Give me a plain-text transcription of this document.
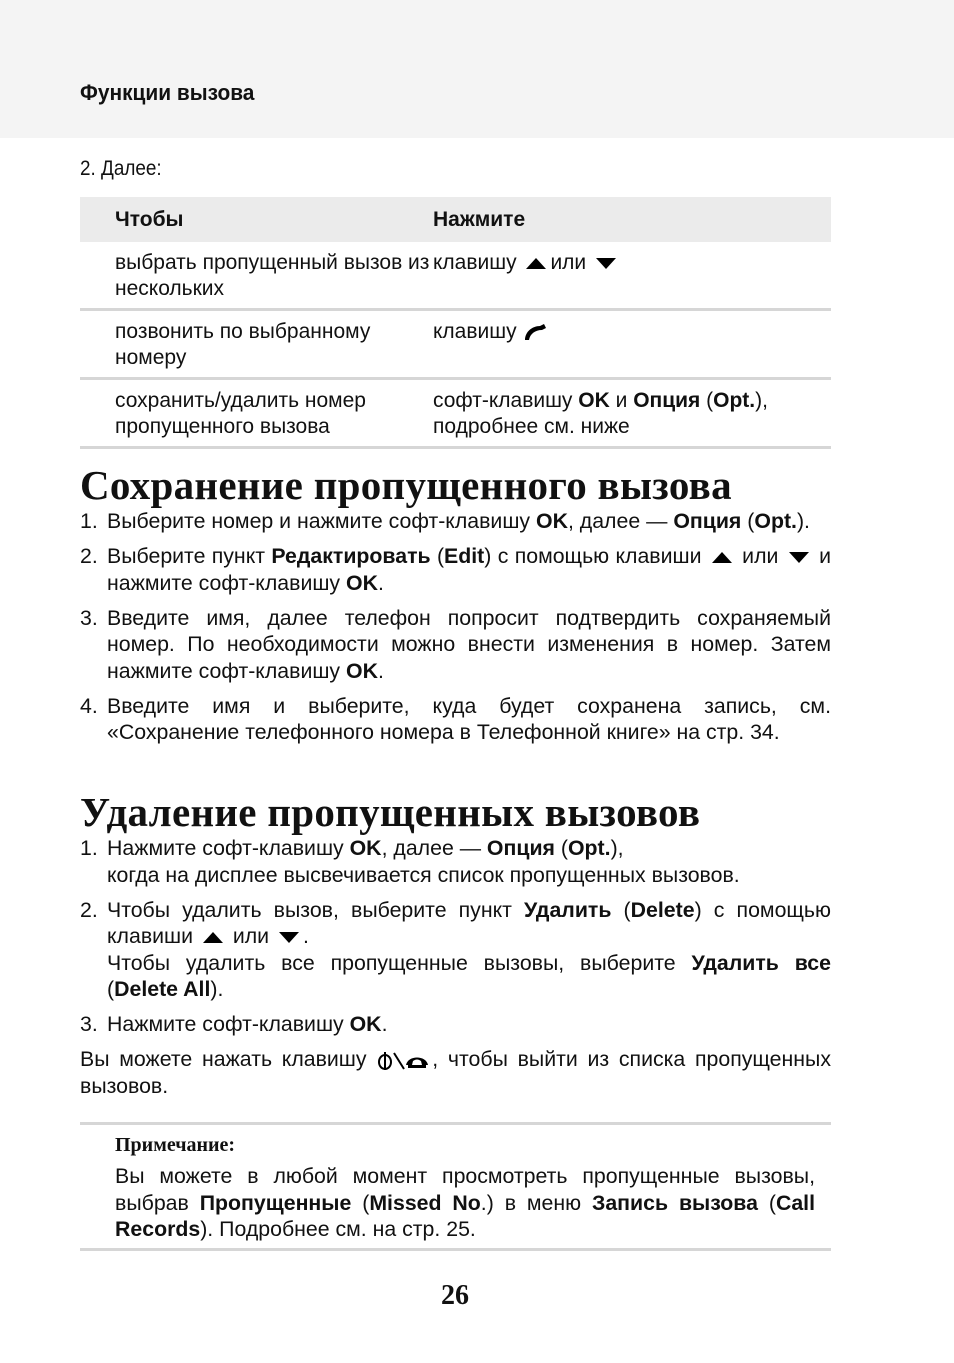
Функции вызова
2. Далее:
Чтобы	Нажмите
выбрать пропущенный вызов из нескольких	клавишу или
позвонить по выбранному номеру	клавишу
сохранить/удалить номер пропущенного вызова	софт-клавишу OK и Опция (Opt.), подробнее см. ниже
Сохранение пропущенного вызова
1. Выберите номер и нажмите софт-клавишу OK, далее — Опция (Opt.).
2. Выберите пункт Редактировать (Edit) с помощью клавиши  или  и нажмите софт-клавишу OK.
3. Введите имя, далее телефон попросит подтвердить сохраняемый номер. По необходимости можно внести изменения в номер. Затем нажмите софт-клавишу OK.
4. Введите имя и выберите, куда будет сохранена запись, см. «Сохранение телефонного номера в Телефонной книге» на стр. 34.
Удаление пропущенных вызовов
1. Нажмите софт-клавишу OK, далее — Опция (Opt.),
когда на дисплее высвечивается список пропущенных вызовов.
2. Чтобы удалить вызов, выберите пункт Удалить (Delete) с помощью клавиши  или .
Чтобы удалить все пропущенные вызовы, выберите Удалить все (Delete All).
3. Нажмите софт-клавишу OK.

Вы можете нажать клавишу	, чтобы выйти из списка пропущенных вызовов.

Примечание:
Вы можете в любой момент просмотреть пропущенные вызовы, выбрав Пропущенные (Missed No.) в меню Запись вызова (Call Records). Подробнее см. на стр. 25.
26
